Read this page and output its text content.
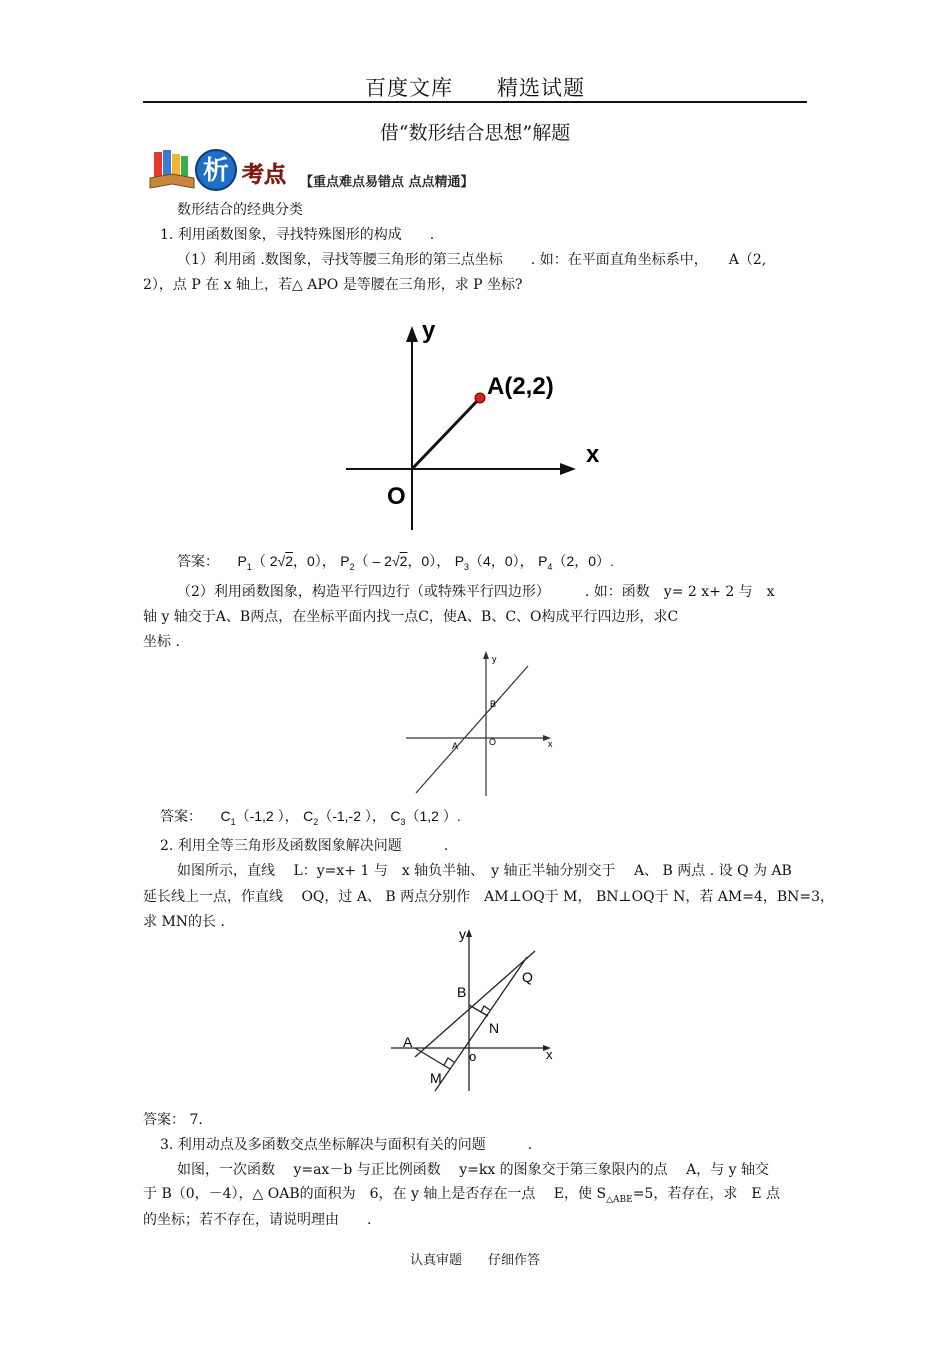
百度文库　　精选试题
借“数形结合思想”解题
析 考点 【重点难点易错点 点点精通】
数形结合的经典分类
1. 利用函数图象，寻找特殊图形的构成　　.
（1）利用函 .数图象，寻找等腰三角形的第三点坐标　　. 如：在平面直角坐标系中，　　A（2,
2），点 P 在 x 轴上，若△ APO 是等腰在三角形，求 P 坐标?
y
x
O
A(2,2)
答案： $P_1$（ 2√2，0）， $P_2( - 2√2$，0）， $P_3(4$，0）， $P_4(2$，0）.
（2）利用函数图象，构造平行四边行（或特殊平行四边形）　　　. 如：函数　y= 2 x+ 2 与　x
轴 y 轴交于A、B两点，在坐标平面内找一点C，使A、B、C、O构成平行四边形，求C
坐标 .
y
x
A
B
O
答案： $C_1(-1,2$ ）， $C_2(-1,-2$ ）， $C_3(1,2$ ）.
2. 利用全等三角形及函数图象解决问题　　　.
如图所示，直线　 L：y=x+ 1 与　x 轴负半轴、　y 轴正半轴分别交于　 A、 B 两点 . 设 Q 为 AB
延长线上一点，作直线　 OQ，过 A、 B 两点分别作　AM⊥OQ于 M， BN⊥OQ于 N，若 AM=4，BN=3，
求 MN的长 .
y
x
A
B
o
Q
N
M
答案： 7.
3. 利用动点及多函数交点坐标解决与面积有关的问题　　　.
如图，一次函数　 y=ax－b 与正比例函数　 y=kx 的图象交于第三象限内的点　 A，与 y 轴交
于 B（0，－4），△ OAB的面积为　6，在 y 轴上是否存在一点　 E，使 $S_{\triangle ABE}=5$，若存在，求　E 点
的坐标；若不存在，请说明理由　　.
认真审题　　仔细作答
